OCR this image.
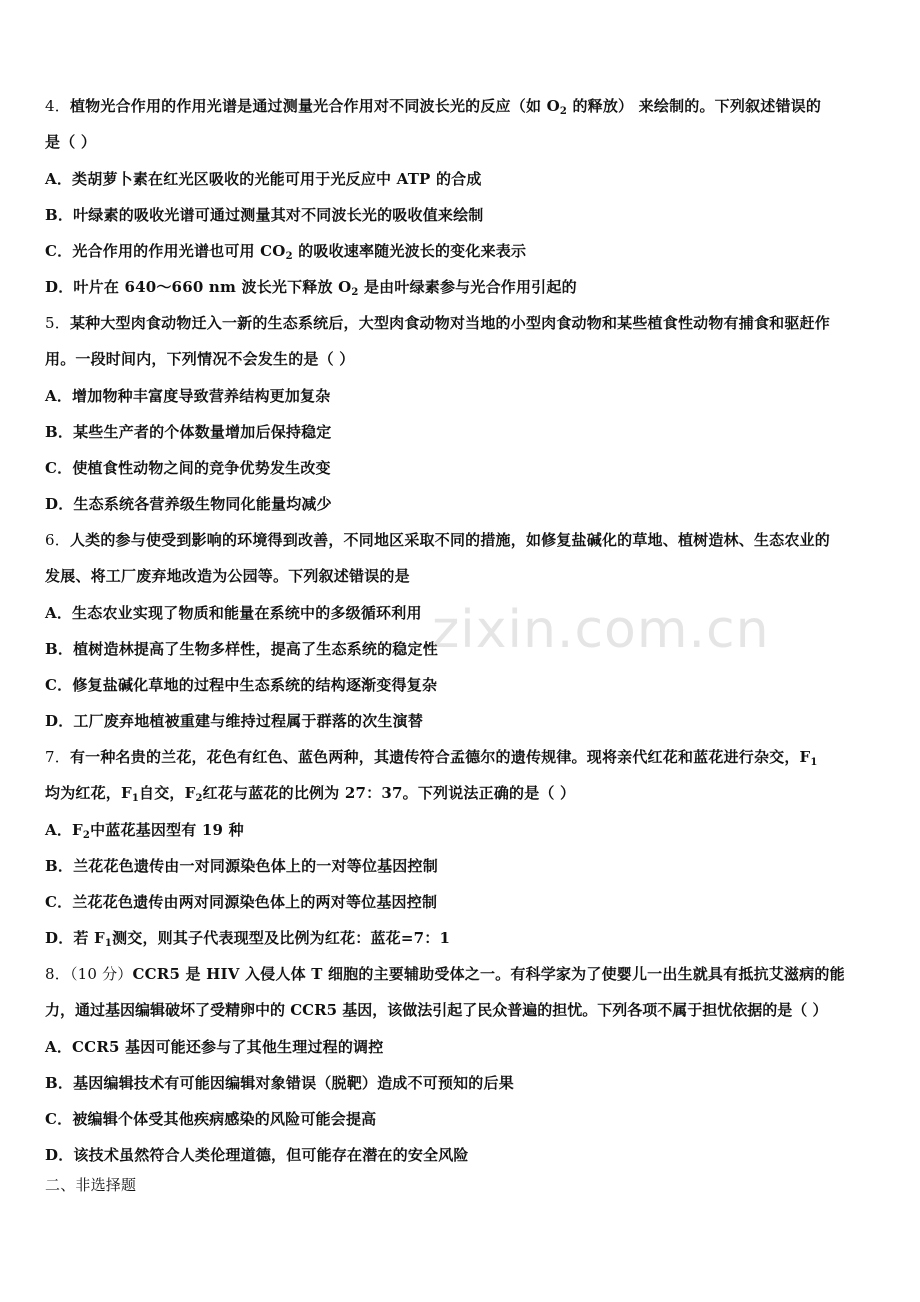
4．植物光合作用的作用光谱是通过测量光合作用对不同波长光的反应（如 $O_2$ 的释放） 来绘制的。下列叙述错误的
是（ ）
A．类胡萝卜素在红光区吸收的光能可用于光反应中 ATP 的合成
B．叶绿素的吸收光谱可通过测量其对不同波长光的吸收值来绘制
C．光合作用的作用光谱也可用 $CO_2$ 的吸收速率随光波长的变化来表示
D．叶片在 640～660 nm 波长光下释放 $O_2$ 是由叶绿素参与光合作用引起的
5．某种大型肉食动物迁入一新的生态系统后，大型肉食动物对当地的小型肉食动物和某些植食性动物有捕食和驱赶作
用。一段时间内，下列情况不会发生的是（ ）
A．增加物种丰富度导致营养结构更加复杂
B．某些生产者的个体数量增加后保持稳定
C．使植食性动物之间的竞争优势发生改变
D．生态系统各营养级生物同化能量均减少
6．人类的参与使受到影响的环境得到改善，不同地区采取不同的措施，如修复盐碱化的草地、植树造林、生态农业的
发展、将工厂废弃地改造为公园等。下列叙述错误的是
A．生态农业实现了物质和能量在系统中的多级循环利用
B．植树造林提高了生物多样性，提高了生态系统的稳定性
C．修复盐碱化草地的过程中生态系统的结构逐渐变得复杂
D．工厂废弃地植被重建与维持过程属于群落的次生演替
7．有一种名贵的兰花，花色有红色、蓝色两种，其遗传符合孟德尔的遗传规律。现将亲代红花和蓝花进行杂交，$F_1$
均为红花，$F_1$自交，$F_2$红花与蓝花的比例为 27：37。下列说法正确的是（ ）
A．$F_2$中蓝花基因型有 19 种
B．兰花花色遗传由一对同源染色体上的一对等位基因控制
C．兰花花色遗传由两对同源染色体上的两对等位基因控制
D．若 $F_1$测交，则其子代表现型及比例为红花：蓝花=7：1
8．（10 分）CCR5 是 HIV 入侵人体 T 细胞的主要辅助受体之一。有科学家为了使婴儿一出生就具有抵抗艾滋病的能
力，通过基因编辑破坏了受精卵中的 CCR5 基因，该做法引起了民众普遍的担忧。下列各项不属于担忧依据的是（ ）
A．CCR5 基因可能还参与了其他生理过程的调控
B．基因编辑技术有可能因编辑对象错误（脱靶）造成不可预知的后果
C．被编辑个体受其他疾病感染的风险可能会提高
D．该技术虽然符合人类伦理道德，但可能存在潜在的安全风险
二、非选择题
zixin.com.cn
